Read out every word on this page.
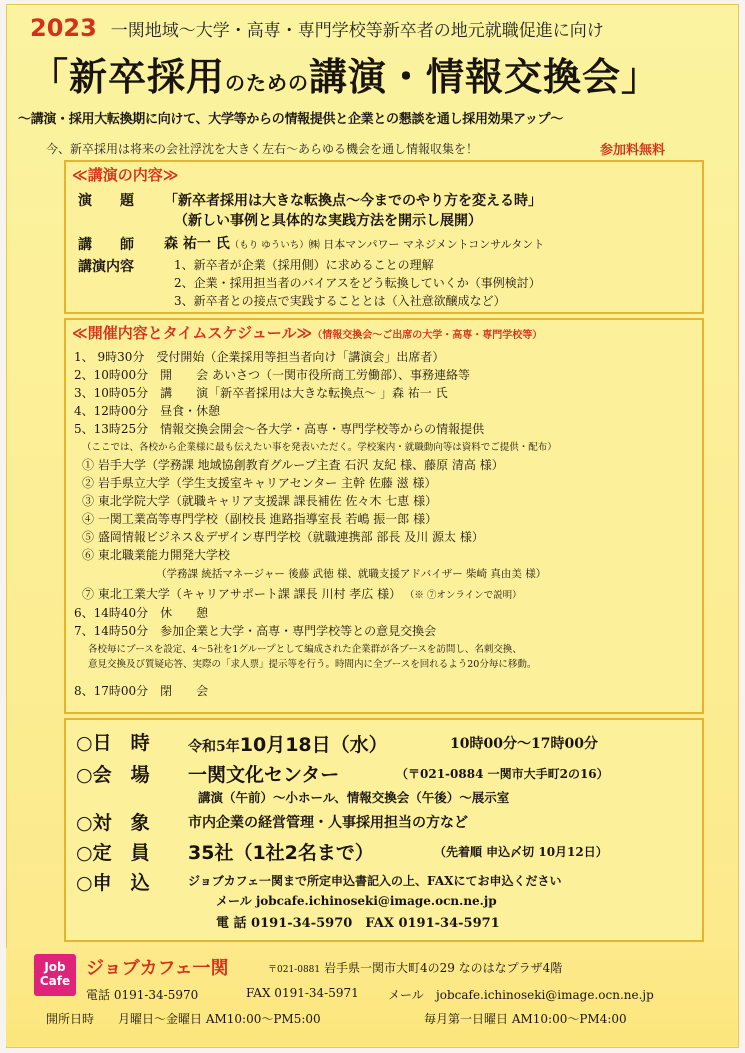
2023 一関地域〜大学・高専・専門学校等新卒者の地元就職促進に向け
「新卒採用のための講演・情報交換会」
〜講演・採用大転換期に向けて、大学等からの情報提供と企業との懇談を通し採用効果アップ〜
今、新卒採用は将来の会社浮沈を大きく左右〜あらゆる機会を通し情報収集を！	参加料無料
≪講演の内容≫
演　　題 「新卒者採用は大きな転換点〜今までのやり方を変える時」
（新しい事例と具体的な実践方法を開示し展開）
講　　師 森 祐一 氏（もり ゆういち）㈱ 日本マンパワー マネジメントコンサルタント
講演内容	1、新卒者が企業（採用側）に求めることの理解
2、企業・採用担当者のバイアスをどう転換していくか（事例検討）
3、新卒者との接点で実践することとは（入社意欲醸成など）
≪開催内容とタイムスケジュール≫（情報交換会〜ご出席の大学・高専・専門学校等）
1、 9時30分　受付開始（企業採用等担当者向け「講演会」出席者）
2、10時00分　開　　会 あいさつ（一関市役所商工労働部）、事務連絡等
3、10時05分　講　　演「新卒者採用は大きな転換点〜 」森 祐一 氏
4、12時00分　昼食・休憩
5、13時25分　情報交換会開会〜各大学・高専・専門学校等からの情報提供
（ここでは、各校から企業様に最も伝えたい事を発表いただく。学校案内・就職動向等は資料でご提供・配布）
① 岩手大学（学務課 地域協創教育グループ主査 石沢 友紀 様、藤原 清高 様）
② 岩手県立大学（学生支援室キャリアセンター 主幹 佐藤 滋 様）
③ 東北学院大学（就職キャリア支援課 課長補佐 佐々木 七恵 様）
④ 一関工業高等専門学校（副校長 進路指導室長 若嶋 振一郎 様）
⑤ 盛岡情報ビジネス＆デザイン専門学校（就職連携部 部長 及川 源太 様）
⑥ 東北職業能力開発大学校
（学務課 統括マネージャー 後藤 武徳 様、就職支援アドバイザー 柴崎 真由美 様）
⑦ 東北工業大学（キャリアサポート課 課長 川村 孝広 様） （※ ⑦オンラインで説明）
6、14時40分　休　　憩
7、14時50分　参加企業と大学・高専・専門学校等との意見交換会
各校毎にブースを設定、4〜5社を1グループとして編成された企業群が各ブースを訪問し、名刺交換、
意見交換及び質疑応答、実際の「求人票」提示等を行う。時間内に全ブースを回れるよう20分毎に移動。
8、17時00分　閉　　会
○日　時	令和5年10月18日（水）	10時00分〜17時00分
○会　場 一関文化センター	（〒021-0884 一関市大手町2の16）
講演（午前）〜小ホール、情報交換会（午後）〜展示室
○対　象	市内企業の経営管理・人事採用担当の方など
○定　員 35社（1社2名まで）	（先着順 申込〆切 10月12日）
○申　込	ジョブカフェ一関まで所定申込書記入の上、FAXにてお申込ください
メール jobcafe.ichinoseki@image.ocn.ne.jp
電 話 0191-34-5970　FAX 0191-34-5971
Job Cafe
ジョブカフェ一関	〒021-0881 岩手県一関市大町4の29 なのはなプラザ4階
電話 0191-34-5970	FAX 0191-34-5971 メール jobcafe.ichinoseki@image.ocn.ne.jp
開所日時 月曜日〜金曜日 AM10:00〜PM5:00	毎月第一日曜日 AM10:00〜PM4:00
